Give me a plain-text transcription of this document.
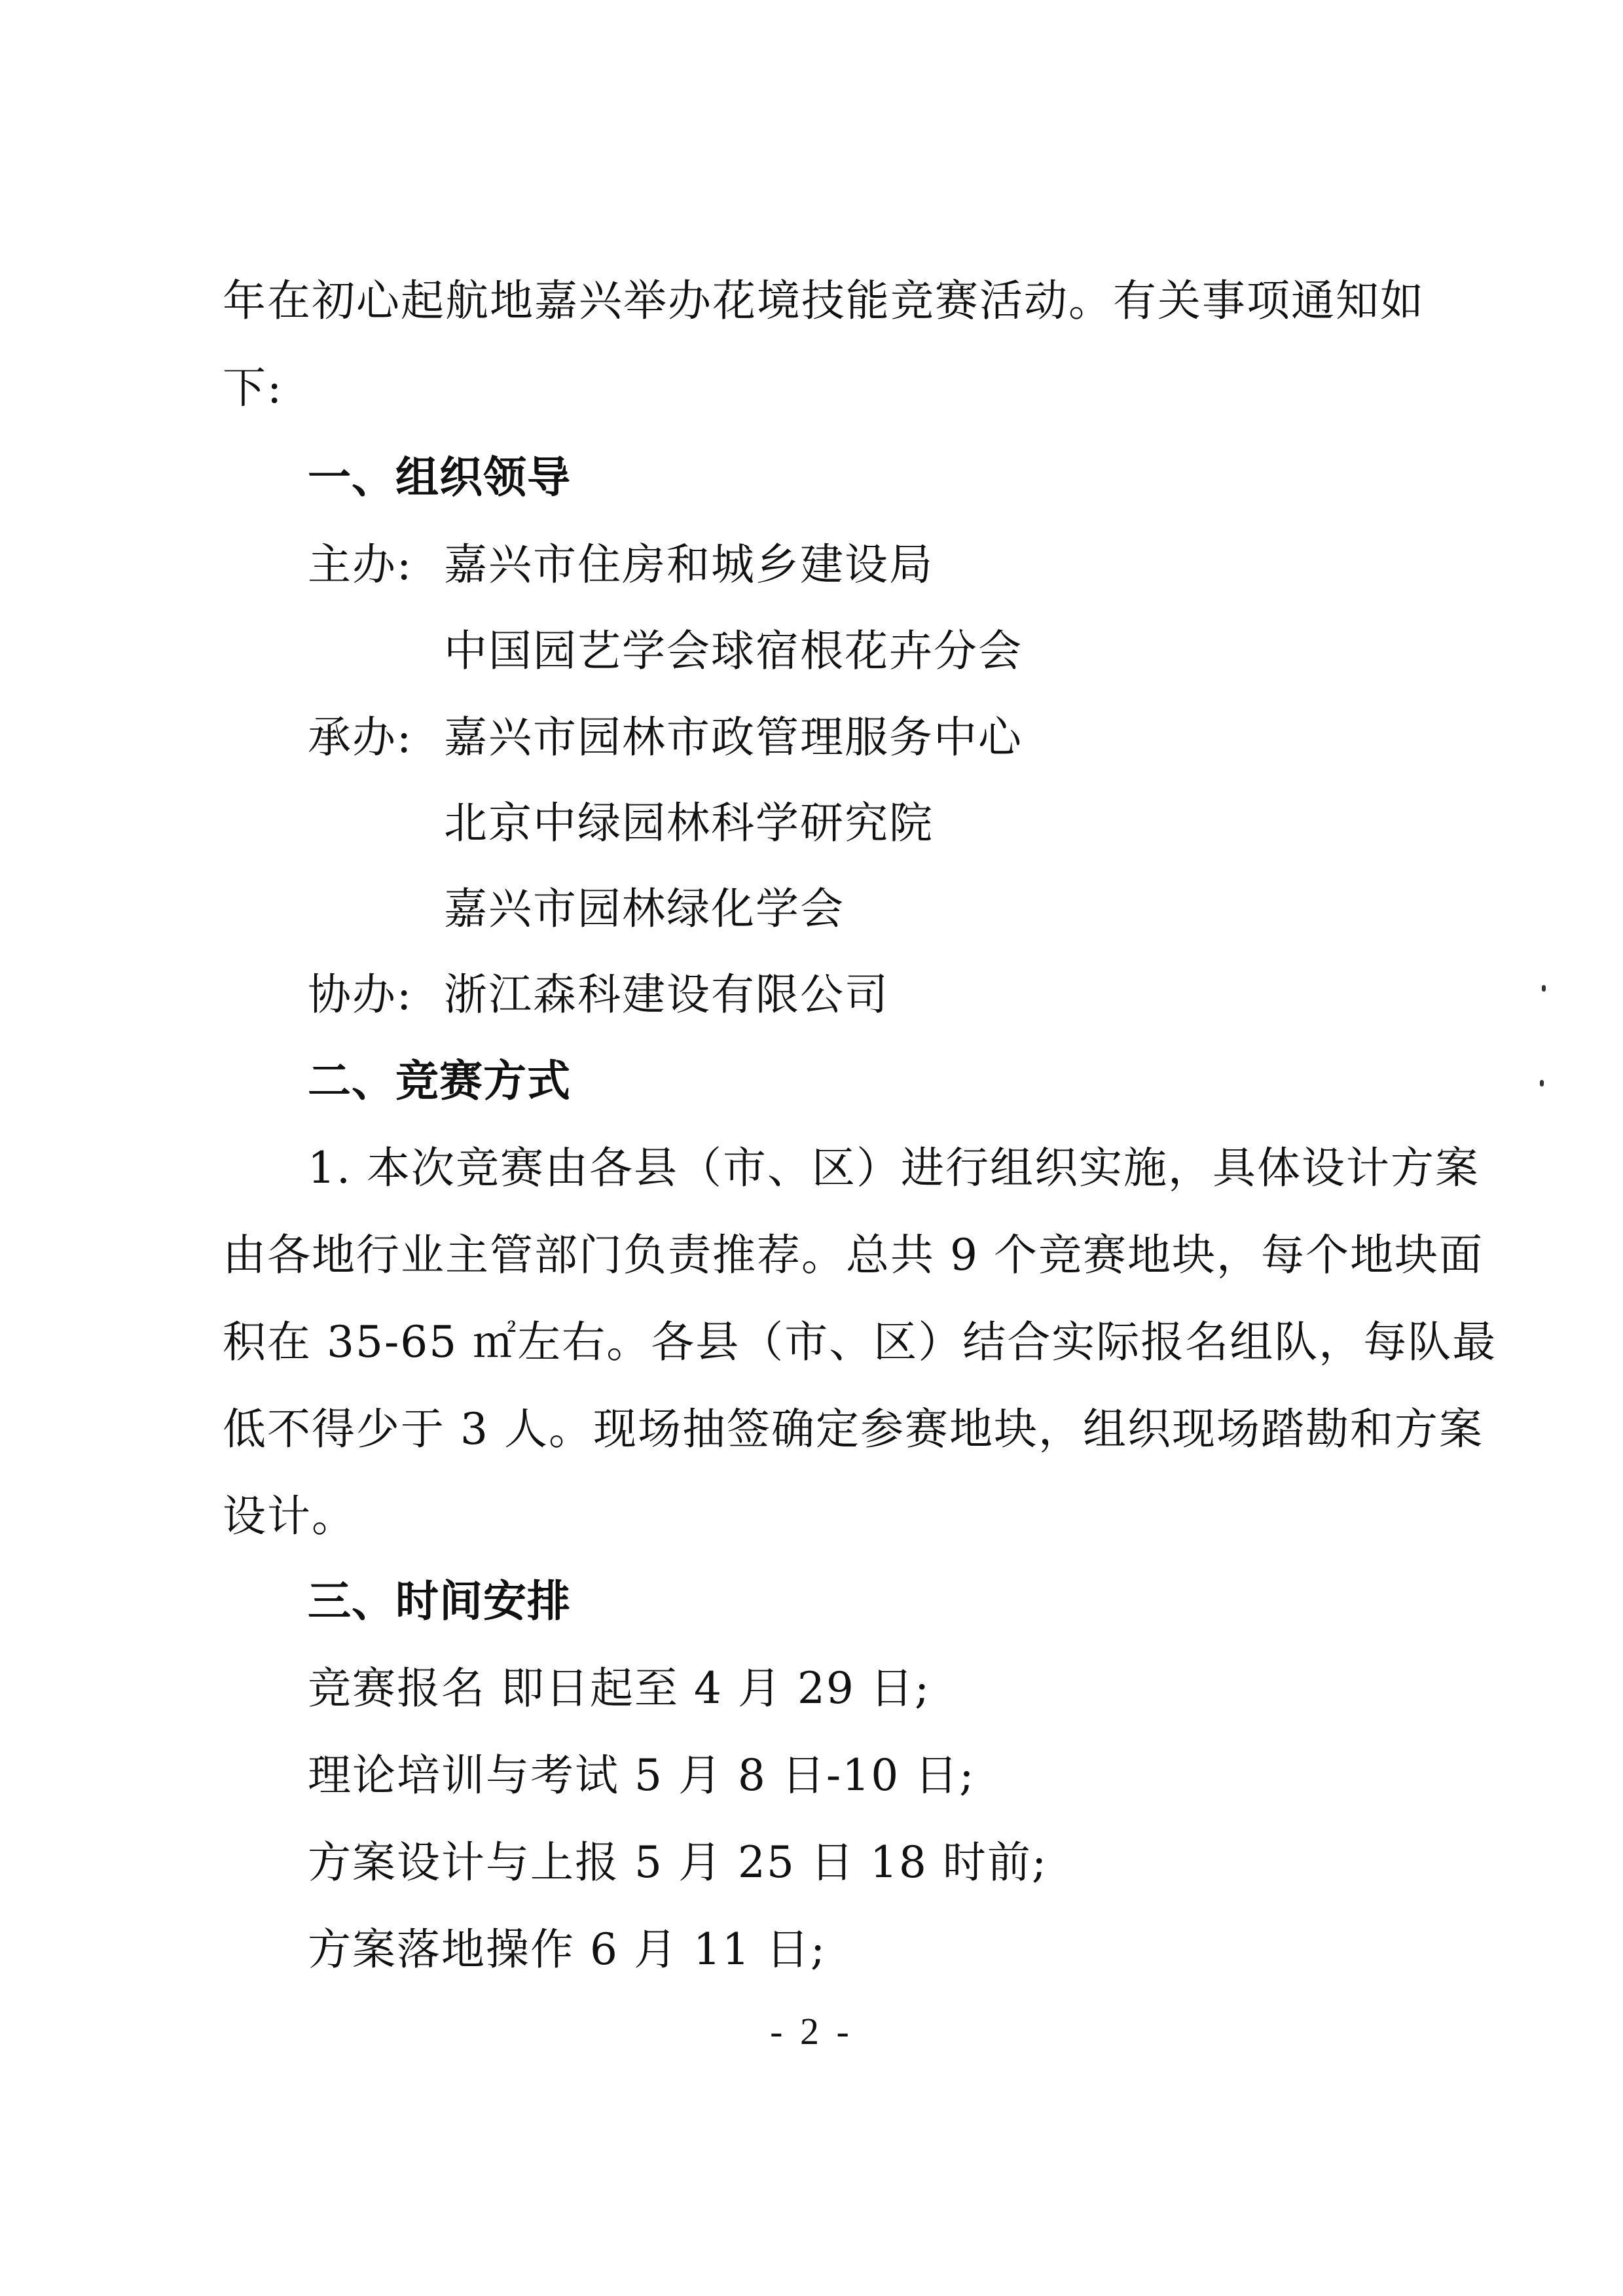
年在初心起航地嘉兴举办花境技能竞赛活动。有关事项通知如
下:
一、组织领导
主办: 嘉兴市住房和城乡建设局
中国园艺学会球宿根花卉分会
承办: 嘉兴市园林市政管理服务中心
北京中绿园林科学研究院
嘉兴市园林绿化学会
协办: 浙江森科建设有限公司
二、竞赛方式
1. 本次竞赛由各县（市、区）进行组织实施，具体设计方案
由各地行业主管部门负责推荐。总共 9 个竞赛地块，每个地块面
积在 35-65 ㎡左右。各县（市、区）结合实际报名组队，每队最
低不得少于 3 人。现场抽签确定参赛地块，组织现场踏勘和方案
设计。
三、时间安排
竞赛报名 即日起至 4 月 29 日;
理论培训与考试 5 月 8 日-10 日;
方案设计与上报 5 月 25 日 18 时前;
方案落地操作 6 月 11 日;
- 2 -
